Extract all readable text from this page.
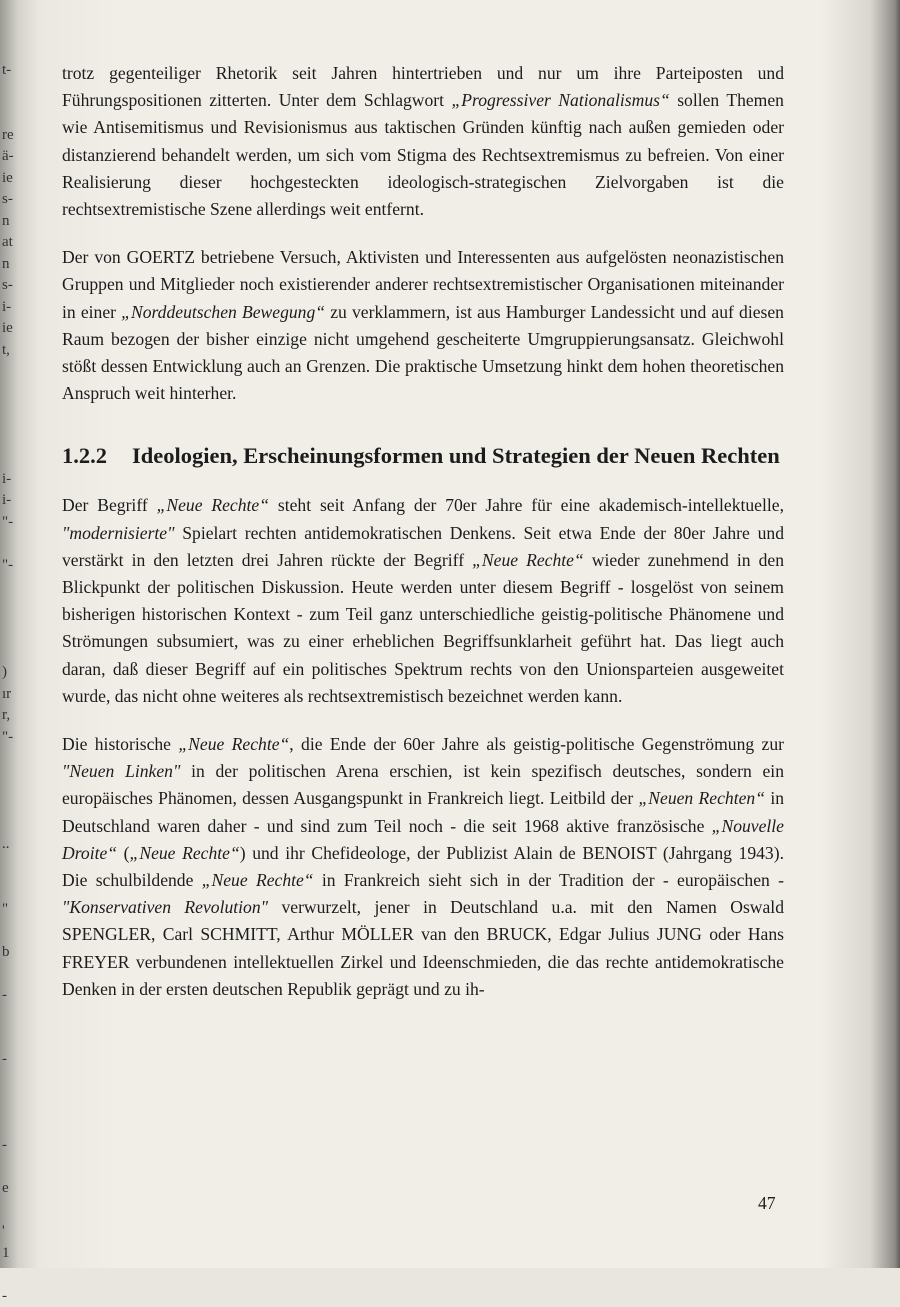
t-
re
ä-
ie
s-
n
at
n
s-
i-
ie
t,
i-
i-
"-
"-
)
ır
r,
"-
..
"
b
-
-
-
e
'
1
-

trotz gegenteiliger Rhetorik seit Jahren hintertrieben und nur um ihre Parteiposten und Führungspositionen zitterten. Unter dem Schlagwort „Progressiver Nationalismus“ sollen Themen wie Antisemitismus und Revisionismus aus taktischen Gründen künftig nach außen gemieden oder distanzierend behandelt werden, um sich vom Stigma des Rechtsextremismus zu befreien. Von einer Realisierung dieser hochgesteckten ideologisch-strategischen Zielvorgaben ist die rechtsextremistische Szene allerdings weit entfernt.

Der von GOERTZ betriebene Versuch, Aktivisten und Interessenten aus aufgelösten neonazistischen Gruppen und Mitglieder noch existierender anderer rechtsextremistischer Organisationen miteinander in einer „Norddeutschen Bewegung“ zu verklammern, ist aus Hamburger Landessicht und auf diesen Raum bezogen der bisher einzige nicht umgehend gescheiterte Umgruppierungsansatz. Gleichwohl stößt dessen Entwicklung auch an Grenzen. Die praktische Umsetzung hinkt dem hohen theoretischen Anspruch weit hinterher.

1.2.2	Ideologien, Erscheinungsformen und Strategien der Neuen Rechten

Der Begriff „Neue Rechte“ steht seit Anfang der 70er Jahre für eine akademisch-intellektuelle, "modernisierte" Spielart rechten antidemokratischen Denkens. Seit etwa Ende der 80er Jahre und verstärkt in den letzten drei Jahren rückte der Begriff „Neue Rechte“ wieder zunehmend in den Blickpunkt der politischen Diskussion. Heute werden unter diesem Begriff - losgelöst von seinem bisherigen historischen Kontext - zum Teil ganz unterschiedliche geistig-politische Phänomene und Strömungen subsumiert, was zu einer erheblichen Begriffsunklarheit geführt hat. Das liegt auch daran, daß dieser Begriff auf ein politisches Spektrum rechts von den Unionsparteien ausgeweitet wurde, das nicht ohne weiteres als rechtsextremistisch bezeichnet werden kann.

Die historische „Neue Rechte“, die Ende der 60er Jahre als geistig-politische Gegenströmung zur "Neuen Linken" in der politischen Arena erschien, ist kein spezifisch deutsches, sondern ein europäisches Phänomen, dessen Ausgangspunkt in Frankreich liegt. Leitbild der „Neuen Rechten“ in Deutschland waren daher - und sind zum Teil noch - die seit 1968 aktive französische „Nouvelle Droite“ („Neue Rechte“) und ihr Chefideologe, der Publizist Alain de BENOIST (Jahrgang 1943). Die schulbildende „Neue Rechte“ in Frankreich sieht sich in der Tradition der - europäischen - "Konservativen Revolution" verwurzelt, jener in Deutschland u.a. mit den Namen Oswald SPENGLER, Carl SCHMITT, Arthur MÖLLER van den BRUCK, Edgar Julius JUNG oder Hans FREYER verbundenen intellektuellen Zirkel und Ideenschmieden, die das rechte antidemokratische Denken in der ersten deutschen Republik geprägt und zu ih-

47
